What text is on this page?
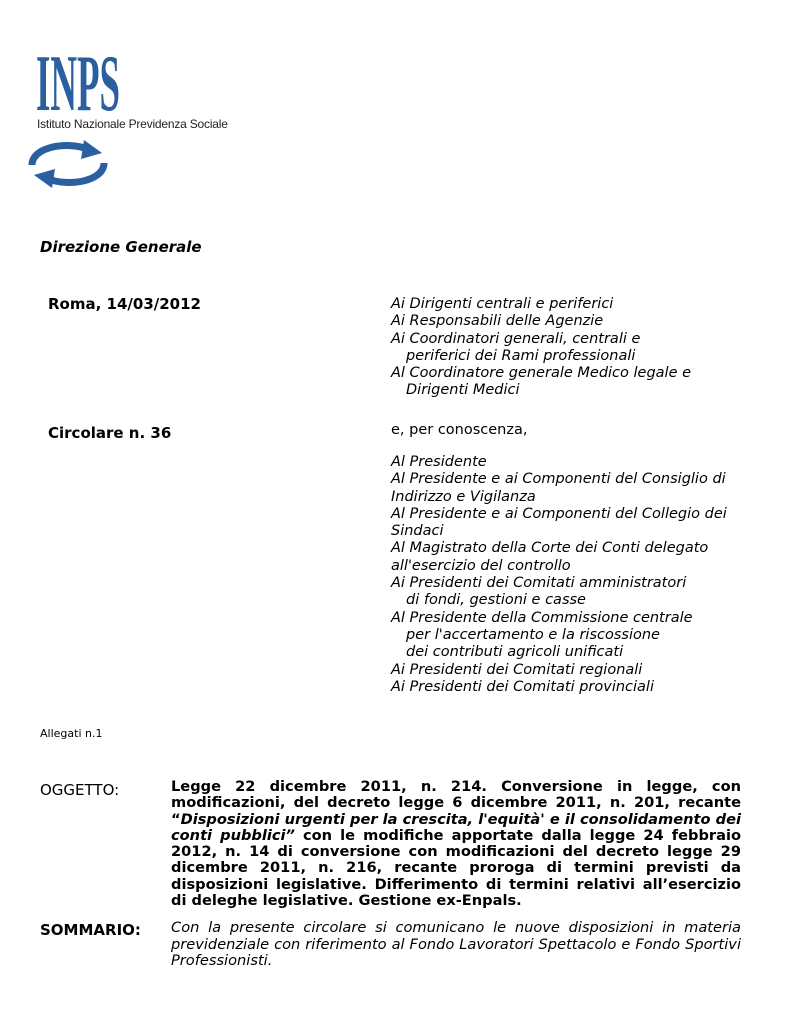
INPS
Istituto Nazionale Previdenza Sociale
Direzione Generale
Roma, 14/03/2012
Circolare n. 36
Ai Dirigenti centrali e periferici
Ai Responsabili delle Agenzie
Ai Coordinatori generali, centrali e
periferici dei Rami professionali
Al Coordinatore generale Medico legale e
Dirigenti Medici
e, per conoscenza,
Al Presidente
Al Presidente e ai Componenti del Consiglio di
Indirizzo e Vigilanza
Al Presidente e ai Componenti del Collegio dei
Sindaci
Al Magistrato della Corte dei Conti delegato
all'esercizio del controllo
Ai Presidenti dei Comitati amministratori
di fondi, gestioni e casse
Al Presidente della Commissione centrale
per l'accertamento e la riscossione
dei contributi agricoli unificati
Ai Presidenti dei Comitati regionali
Ai Presidenti dei Comitati provinciali
Allegati n.1
OGGETTO:	Legge 22 dicembre 2011, n. 214. Conversione in legge, con modificazioni, del decreto legge 6 dicembre 2011, n. 201, recante “Disposizioni urgenti per la crescita, l'equità' e il consolidamento dei conti pubblici” con le modifiche apportate dalla legge 24 febbraio 2012, n. 14 di conversione con modificazioni del decreto legge 29 dicembre 2011, n. 216, recante proroga di termini previsti da disposizioni legislative. Differimento di termini relativi all’esercizio di deleghe legislative. Gestione ex-Enpals.
SOMMARIO: Con la presente circolare si comunicano le nuove disposizioni in materia previdenziale con riferimento al Fondo Lavoratori Spettacolo e Fondo Sportivi Professionisti.
